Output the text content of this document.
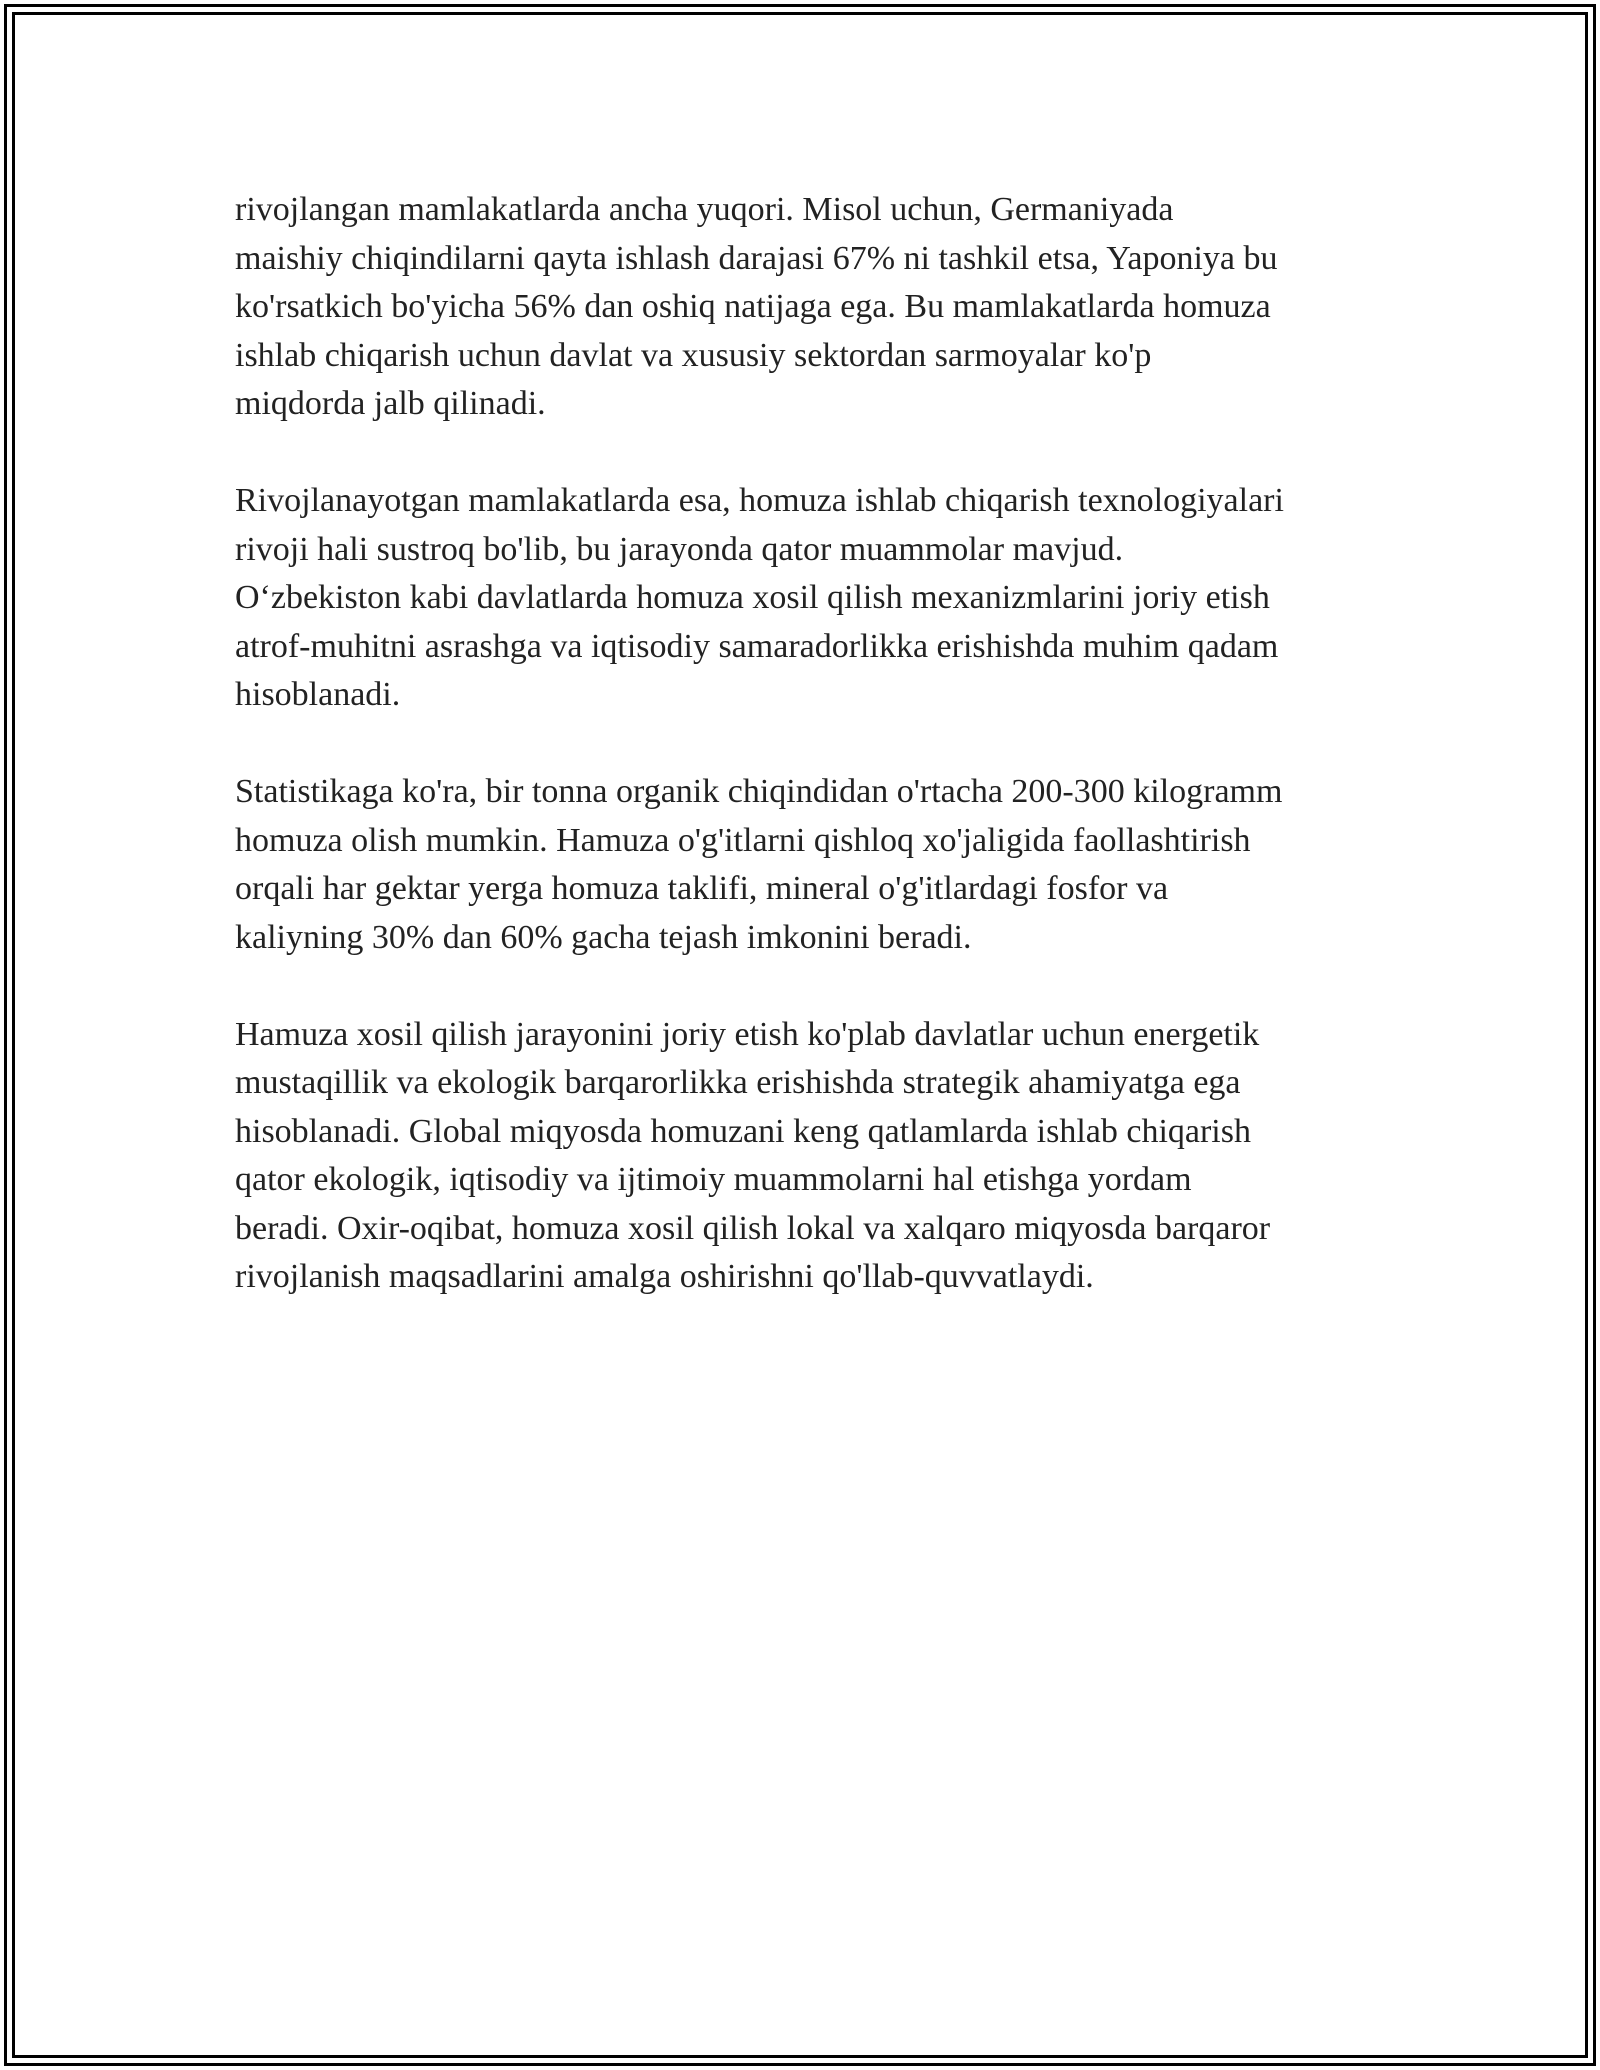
rivojlangan mamlakatlarda ancha yuqori. Misol uchun, Germaniyada
maishiy chiqindilarni qayta ishlash darajasi 67% ni tashkil etsa, Yaponiya bu
ko'rsatkich bo'yicha 56% dan oshiq natijaga ega. Bu mamlakatlarda homuza
ishlab chiqarish uchun davlat va xususiy sektordan sarmoyalar ko'p
miqdorda jalb qilinadi.
Rivojlanayotgan mamlakatlarda esa, homuza ishlab chiqarish texnologiyalari
rivoji hali sustroq bo'lib, bu jarayonda qator muammolar mavjud.
O‘zbekiston kabi davlatlarda homuza xosil qilish mexanizmlarini joriy etish
atrof-muhitni asrashga va iqtisodiy samaradorlikka erishishda muhim qadam
hisoblanadi.
Statistikaga ko'ra, bir tonna organik chiqindidan o'rtacha 200-300 kilogramm
homuza olish mumkin. Hamuza o'g'itlarni qishloq xo'jaligida faollashtirish
orqali har gektar yerga homuza taklifi, mineral o'g'itlardagi fosfor va
kaliyning 30% dan 60% gacha tejash imkonini beradi.
Hamuza xosil qilish jarayonini joriy etish ko'plab davlatlar uchun energetik
mustaqillik va ekologik barqarorlikka erishishda strategik ahamiyatga ega
hisoblanadi. Global miqyosda homuzani keng qatlamlarda ishlab chiqarish
qator ekologik, iqtisodiy va ijtimoiy muammolarni hal etishga yordam
beradi. Oxir-oqibat, homuza xosil qilish lokal va xalqaro miqyosda barqaror
rivojlanish maqsadlarini amalga oshirishni qo'llab-quvvatlaydi.
